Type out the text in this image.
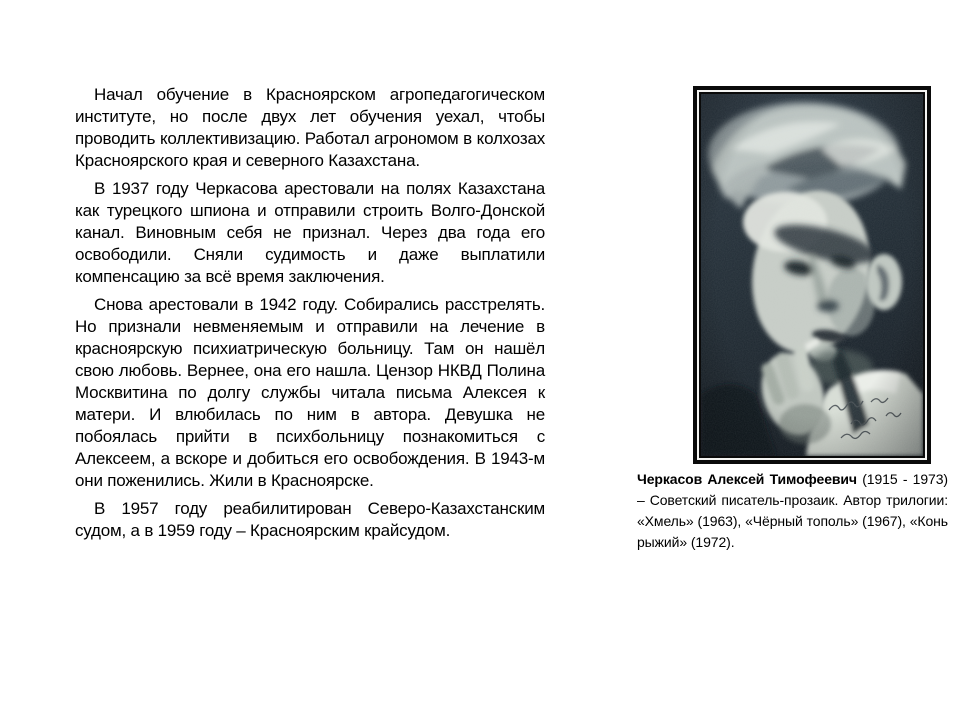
Начал обучение в Красноярском агропедагогическом институте, но после двух лет обучения уехал, чтобы проводить коллективизацию. Работал агрономом в колхозах Красноярского края и северного Казахстана.

В 1937 году Черкасова арестовали на полях Казахстана как турецкого шпиона и отправили строить Волго-Донской канал. Виновным себя не признал. Через два года его освободили. Сняли судимость и даже выплатили компенсацию за всё время заключения.

Снова арестовали в 1942 году. Собирались расстрелять. Но признали невменяемым и отправили на лечение в красноярскую психиатрическую больницу. Там он нашёл свою любовь. Вернее, она его нашла. Цензор НКВД Полина Москвитина по долгу службы читала письма Алексея к матери. И влюбилась по ним в автора. Девушка не побоялась прийти в психбольницу познакомиться с Алексеем, а вскоре и добиться его освобождения. В 1943-м они поженились. Жили в Красноярске.

В 1957 году реабилитирован Северо-Казахстанским судом, а в 1959 году – Красноярским крайсудом.

Черкасов Алексей Тимофеевич (1915 - 1973) – Советский писатель-прозаик. Автор трилогии: «Хмель» (1963), «Чёрный тополь» (1967), «Конь рыжий» (1972).
